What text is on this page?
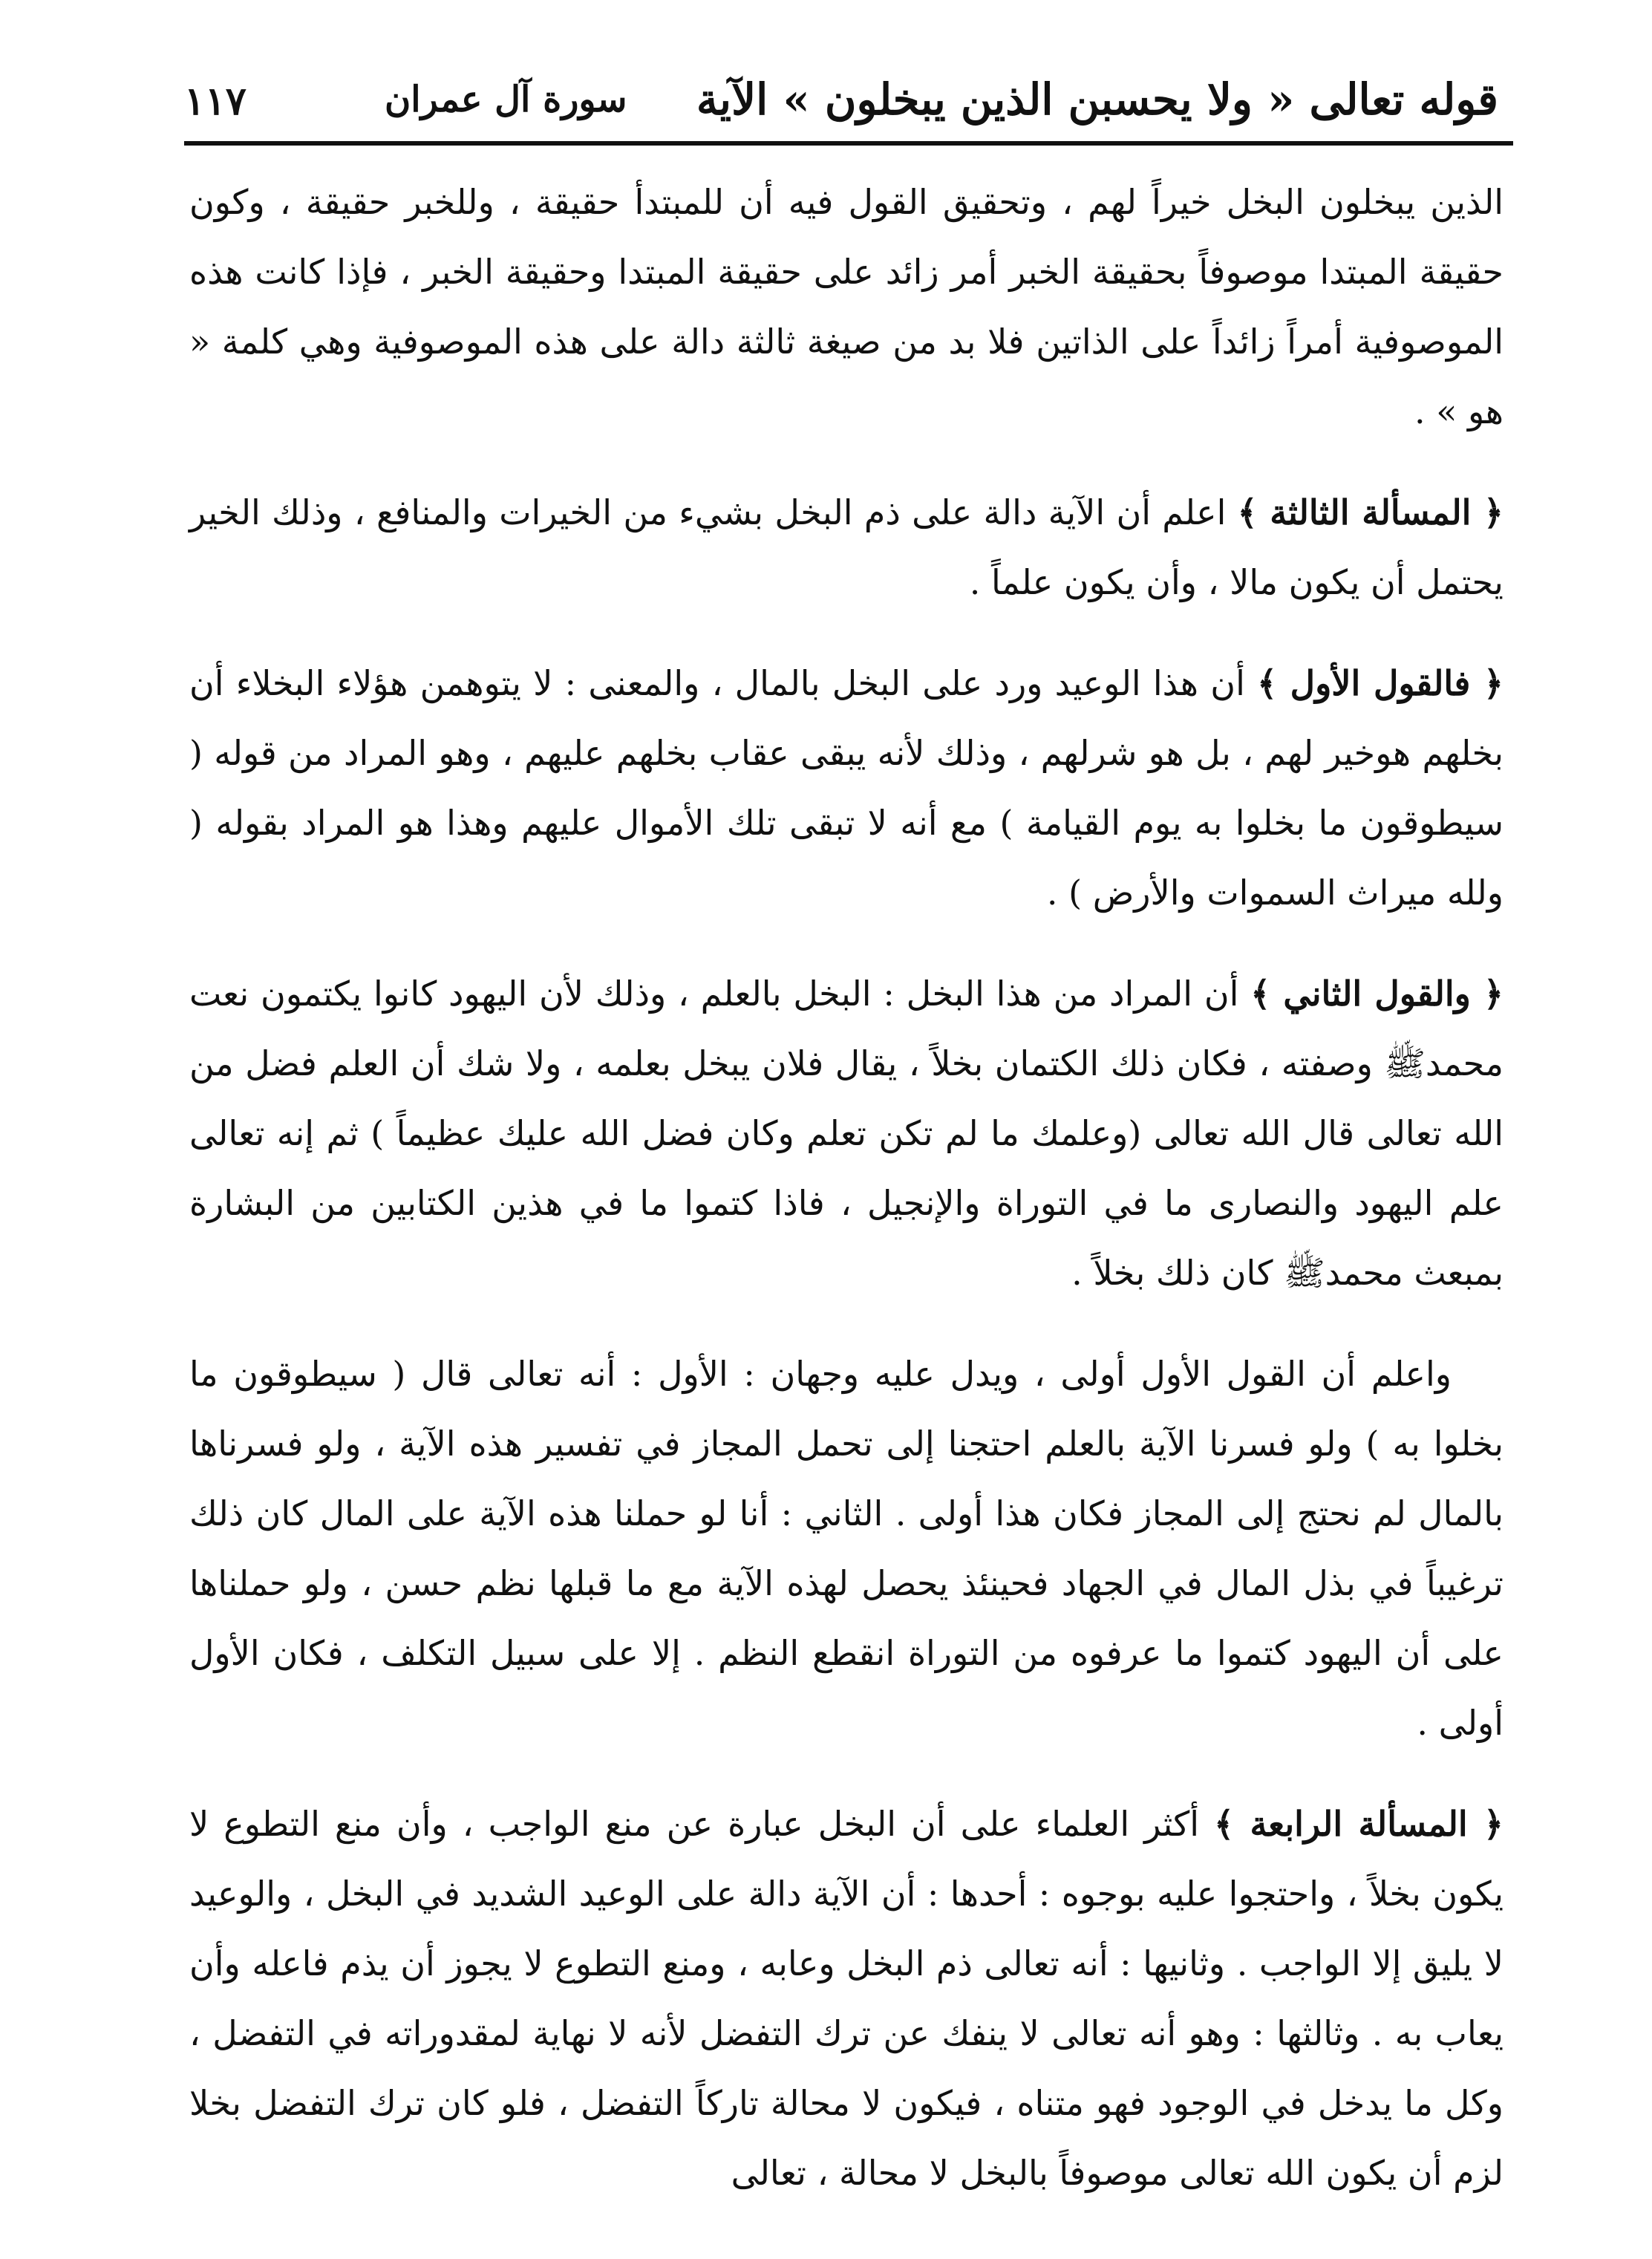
قوله تعالى « ولا يحسبن الذين يبخلون » الآية
سورة آل عمران
١١٧

الذين يبخلون البخل خيراً لهم ، وتحقيق القول فيه أن للمبتدأ حقيقة ، وللخبر حقيقة ، وكون حقيقة المبتدا موصوفاً بحقيقة الخبر أمر زائد على حقيقة المبتدا وحقيقة الخبر ، فإذا كانت هذه الموصوفية أمراً زائداً على الذاتين فلا بد من صيغة ثالثة دالة على هذه الموصوفية وهي كلمة « هو » .

﴿ المسألة الثالثة ﴾ اعلم أن الآية دالة على ذم البخل بشيء من الخيرات والمنافع ، وذلك الخير يحتمل أن يكون مالا ، وأن يكون علماً .

﴿ فالقول الأول ﴾ أن هذا الوعيد ورد على البخل بالمال ، والمعنى : لا يتوهمن هؤلاء البخلاء أن بخلهم هوخير لهم ، بل هو شرلهم ، وذلك لأنه يبقى عقاب بخلهم عليهم ، وهو المراد من قوله ( سيطوقون ما بخلوا به يوم القيامة ) مع أنه لا تبقى تلك الأموال عليهم وهذا هو المراد بقوله ( ولله ميراث السموات والأرض ) .

﴿ والقول الثاني ﴾ أن المراد من هذا البخل : البخل بالعلم ، وذلك لأن اليهود كانوا يكتمون نعت محمدﷺ وصفته ، فكان ذلك الكتمان بخلاً ، يقال فلان يبخل بعلمه ، ولا شك أن العلم فضل من الله تعالى قال الله تعالى (وعلمك ما لم تكن تعلم وكان فضل الله عليك عظيماً ) ثم إنه تعالى علم اليهود والنصارى ما في التوراة والإنجيل ، فاذا كتموا ما في هذين الكتابين من البشارة بمبعث محمدﷺ كان ذلك بخلاً .

واعلم أن القول الأول أولى ، ويدل عليه وجهان : الأول : أنه تعالى قال ( سيطوقون ما بخلوا به ) ولو فسرنا الآية بالعلم احتجنا إلى تحمل المجاز في تفسير هذه الآية ، ولو فسرناها بالمال لم نحتج إلى المجاز فكان هذا أولى . الثاني : أنا لو حملنا هذه الآية على المال كان ذلك ترغيباً في بذل المال في الجهاد فحينئذ يحصل لهذه الآية مع ما قبلها نظم حسن ، ولو حملناها على أن اليهود كتموا ما عرفوه من التوراة انقطع النظم . إلا على سبيل التكلف ، فكان الأول أولى .

﴿ المسألة الرابعة ﴾ أكثر العلماء على أن البخل عبارة عن منع الواجب ، وأن منع التطوع لا يكون بخلاً ، واحتجوا عليه بوجوه : أحدها : أن الآية دالة على الوعيد الشديد في البخل ، والوعيد لا يليق إلا الواجب . وثانيها : أنه تعالى ذم البخل وعابه ، ومنع التطوع لا يجوز أن يذم فاعله وأن يعاب به . وثالثها : وهو أنه تعالى لا ينفك عن ترك التفضل لأنه لا نهاية لمقدوراته في التفضل ، وكل ما يدخل في الوجود فهو متناه ، فيكون لا محالة تاركاً التفضل ، فلو كان ترك التفضل بخلا لزم أن يكون الله تعالى موصوفاً بالبخل لا محالة ، تعالى
